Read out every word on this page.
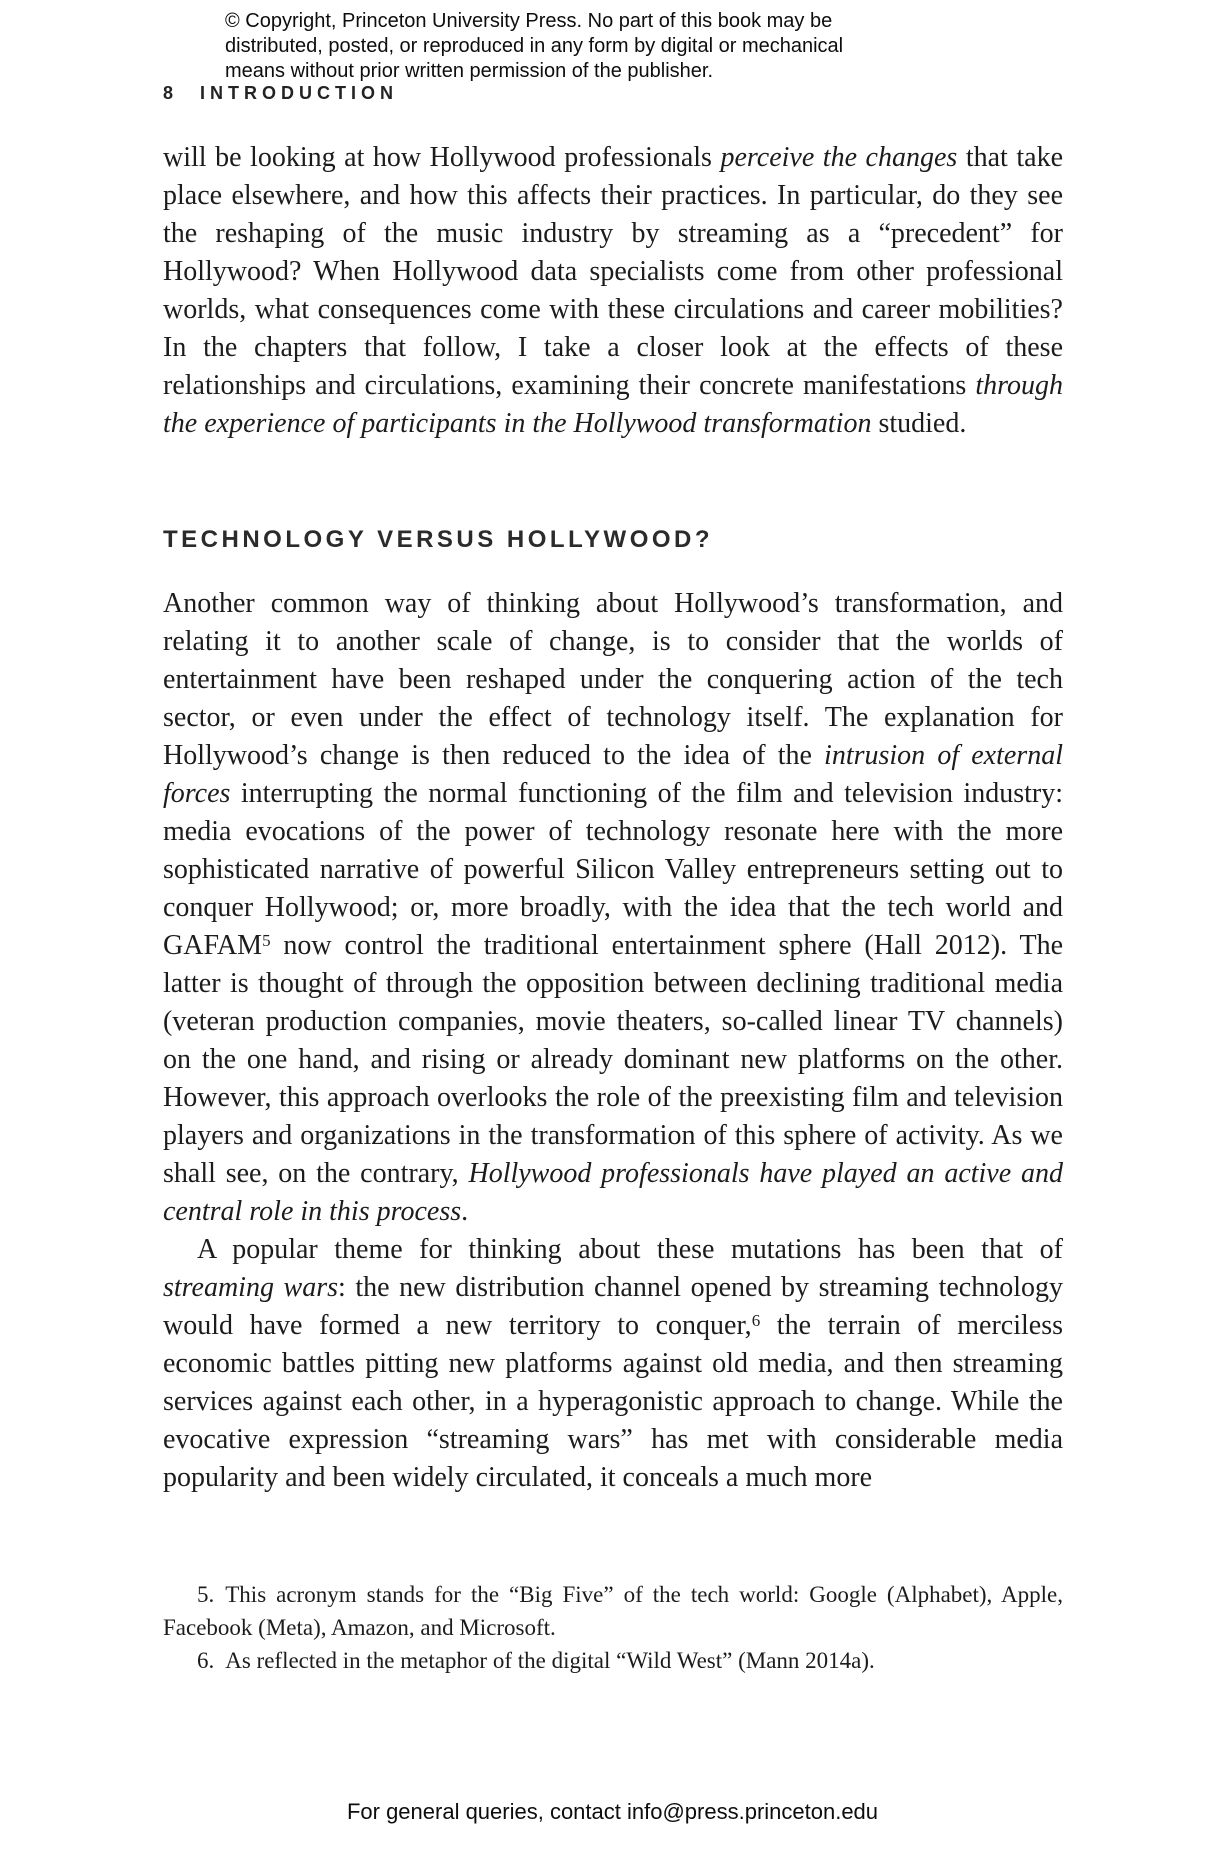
© Copyright, Princeton University Press. No part of this book may be
distributed, posted, or reproduced in any form by digital or mechanical
means without prior written permission of the publisher.
8 INTRODUCTION

will be looking at how Hollywood professionals perceive the changes that take place elsewhere, and how this affects their practices. In particular, do they see the reshaping of the music industry by streaming as a “precedent” for Hollywood? When Hollywood data specialists come from other professional worlds, what consequences come with these circulations and career mobilities? In the chapters that follow, I take a closer look at the effects of these relationships and circulations, examining their concrete manifestations through the experience of participants in the Hollywood transformation studied.

TECHNOLOGY VERSUS HOLLYWOOD?

Another common way of thinking about Hollywood’s transformation, and relating it to another scale of change, is to consider that the worlds of entertainment have been reshaped under the conquering action of the tech sector, or even under the effect of technology itself. The explanation for Hollywood’s change is then reduced to the idea of the intrusion of external forces interrupting the normal functioning of the film and television industry: media evocations of the power of technology resonate here with the more sophisticated narrative of powerful Silicon Valley entrepreneurs setting out to conquer Hollywood; or, more broadly, with the idea that the tech world and GAFAM$^5$ now control the traditional entertainment sphere (Hall 2012). The latter is thought of through the opposition between declining traditional media (veteran production companies, movie theaters, so-called linear TV channels) on the one hand, and rising or already dominant new platforms on the other. However, this approach overlooks the role of the preexisting film and television players and organizations in the transformation of this sphere of activity. As we shall see, on the contrary, Hollywood professionals have played an active and central role in this process.

A popular theme for thinking about these mutations has been that of streaming wars: the new distribution channel opened by streaming technology would have formed a new territory to conquer,$^6$ the terrain of merciless economic battles pitting new platforms against old media, and then streaming services against each other, in a hyperagonistic approach to change. While the evocative expression “streaming wars” has met with considerable media popularity and been widely circulated, it conceals a much more

5. This acronym stands for the “Big Five” of the tech world: Google (Alphabet), Apple, Facebook (Meta), Amazon, and Microsoft.

6. As reflected in the metaphor of the digital “Wild West” (Mann 2014a).

For general queries, contact info@press.princeton.edu
